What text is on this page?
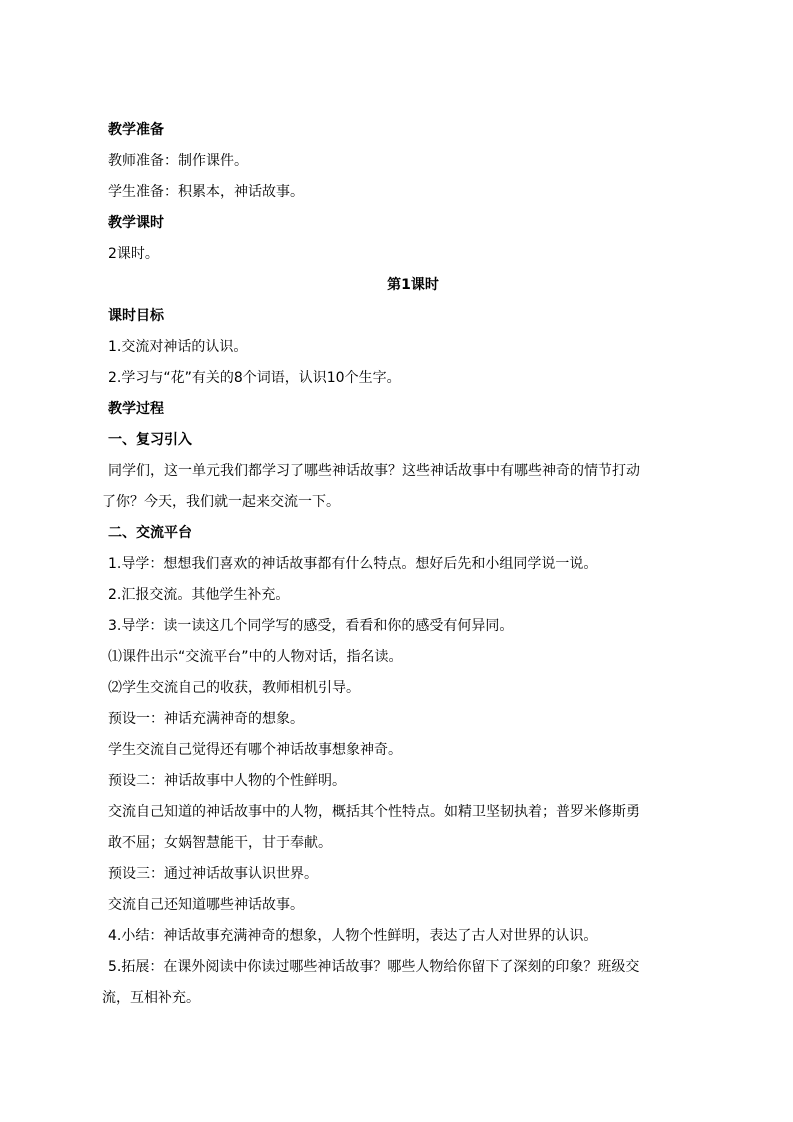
教学准备
教师准备：制作课件。
学生准备：积累本，神话故事。
教学课时
2课时。
第1课时
课时目标
1.交流对神话的认识。
2.学习与“花”有关的8个词语，认识10个生字。
教学过程
一、复习引入
同学们，这一单元我们都学习了哪些神话故事？这些神话故事中有哪些神奇的情节打动
了你？今天，我们就一起来交流一下。
二、交流平台
1.导学：想想我们喜欢的神话故事都有什么特点。想好后先和小组同学说一说。
2.汇报交流。其他学生补充。
3.导学：读一读这几个同学写的感受，看看和你的感受有何异同。
⑴课件出示“交流平台”中的人物对话，指名读。
⑵学生交流自己的收获，教师相机引导。
预设一：神话充满神奇的想象。
学生交流自己觉得还有哪个神话故事想象神奇。
预设二：神话故事中人物的个性鲜明。
交流自己知道的神话故事中的人物，概括其个性特点。如精卫坚韧执着；普罗米修斯勇
敢不屈；女娲智慧能干，甘于奉献。
预设三：通过神话故事认识世界。
交流自己还知道哪些神话故事。
4.小结：神话故事充满神奇的想象，人物个性鲜明，表达了古人对世界的认识。
5.拓展：在课外阅读中你读过哪些神话故事？哪些人物给你留下了深刻的印象？班级交
流，互相补充。
